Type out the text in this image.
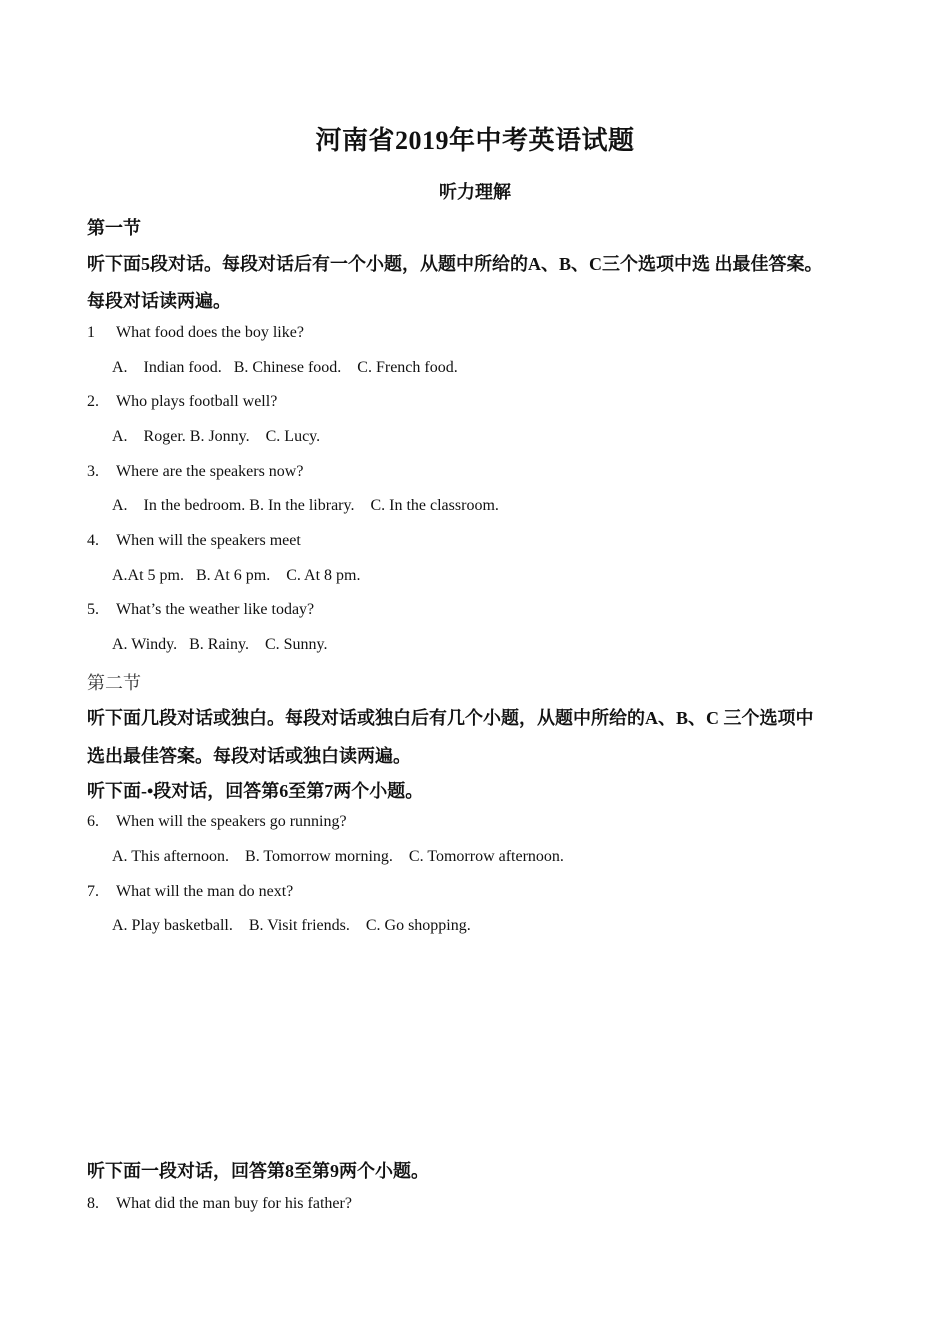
河南省2019年中考英语试题
听力理解
第一节
听下面5段对话。每段对话后有一个小题，从题中所给的A、B、C三个选项中选 出最佳答案。
每段对话读两遍。
1 What food does the boy like?
A.    Indian food.   B. Chinese food.    C. French food.
2. Who plays football well?
A.    Roger. B. Jonny.    C. Lucy.
3. Where are the speakers now?
A.    In the bedroom. B. In the library.    C. In the classroom.
4. When will the speakers meet
A.At 5 pm.   B. At 6 pm.    C. At 8 pm.
5. What’s the weather like today?
A. Windy.   B. Rainy.    C. Sunny.
第二节
听下面几段对话或独白。每段对话或独白后有几个小题，从题中所给的A、B、C 三个选项中
选出最佳答案。每段对话或独白读两遍。
听下面-•段对话，回答第6至第7两个小题。
6. When will the speakers go running?
A. This afternoon.    B. Tomorrow morning.    C. Tomorrow afternoon.
7. What will the man do next?
A. Play basketball.    B. Visit friends.    C. Go shopping.
听下面一段对话，回答第8至第9两个小题。
8. What did the man buy for his father?
